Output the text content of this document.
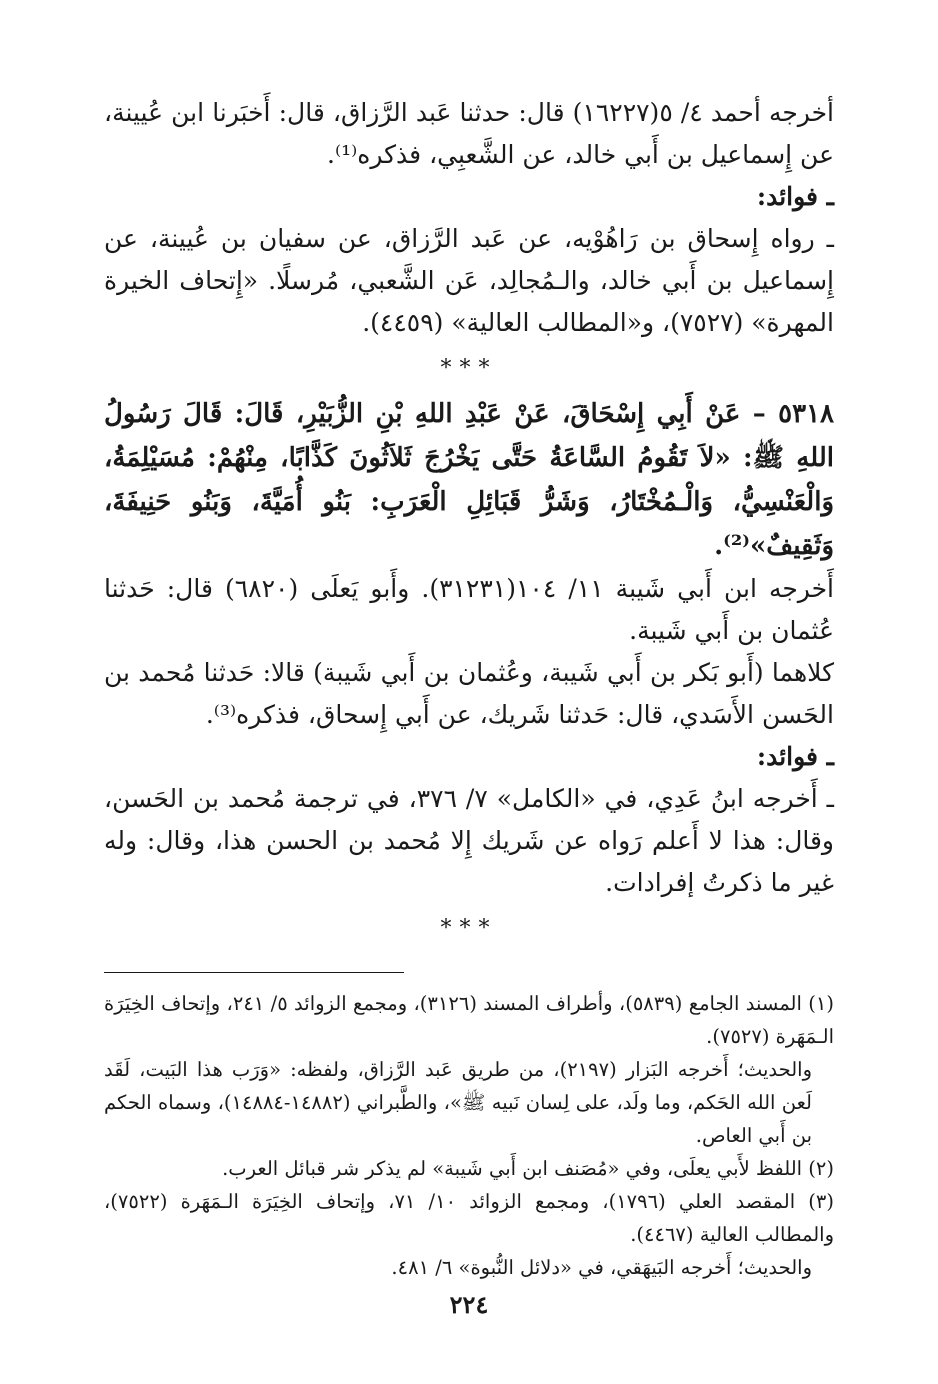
أخرجه أحمد ٤/ ٥(١٦٢٢٧) قال: حدثنا عَبد الرَّزاق، قال: أَخبَرنا ابن عُيينة، عن إِسماعيل بن أَبي خالد، عن الشَّعبِي، فذكره⁽¹⁾.

ـ فوائد:

ـ رواه إِسحاق بن رَاهُوْيه، عن عَبد الرَّزاق، عن سفيان بن عُيينة، عن إِسماعيل بن أَبي خالد، والـمُجالِد، عَن الشَّعبي، مُرسلًا. «إِتحاف الخيرة المهرة» (٧٥٢٧)، و«المطالب العالية» (٤٤٥٩).

***

٥٣١٨ – عَنْ أَبِي إِسْحَاقَ، عَنْ عَبْدِ اللهِ بْنِ الزُّبَيْرِ، قَالَ: قَالَ رَسُولُ اللهِ ﷺ: «لاَ تَقُومُ السَّاعَةُ حَتَّى يَخْرُجَ ثَلاَثُونَ كَذَّابًا، مِنْهُمْ: مُسَيْلِمَةُ، وَالْعَنْسِيُّ، وَالْـمُخْتَارُ، وَشَرُّ قَبَائِلِ الْعَرَبِ: بَنُو أُمَيَّةَ، وَبَنُو حَنِيفَةَ، وَثَقِيفٌ»⁽²⁾.

أَخرجه ابن أَبي شَيبة ١١/ ١٠٤(٣١٢٣١). وأَبو يَعلَى (٦٨٢٠) قال: حَدثنا عُثمان بن أَبي شَيبة.

كلاهما (أَبو بَكر بن أَبي شَيبة، وعُثمان بن أَبي شَيبة) قالا: حَدثنا مُحمد بن الحَسن الأَسَدي، قال: حَدثنا شَريك، عن أَبي إِسحاق، فذكره⁽³⁾.

ـ فوائد:

ـ أَخرجه ابنُ عَدِي، في «الكامل» ٧/ ٣٧٦، في ترجمة مُحمد بن الحَسن، وقال: هذا لا أَعلم رَواه عن شَريك إِلا مُحمد بن الحسن هذا، وقال: وله غير ما ذكرتُ إفرادات.

***

(١) المسند الجامع (٥٨٣٩)، وأطراف المسند (٣١٢٦)، ومجمع الزوائد ٥/ ٢٤١، وإتحاف الخِيَرَة الـمَهَرة (٧٥٢٧).

والحديث؛ أَخرجه البَزار (٢١٩٧)، من طريق عَبد الرَّزاق، ولفظه: «وَرَب هذا البَيت، لَقَد لَعن الله الحَكم، وما ولَد، على لِسان نَبيه ﷺ»، والطَّبراني (١٤٨٨٢-١٤٨٨٤)، وسماه الحكم بن أَبي العاص.

(٢) اللفظ لأَبي يعلَى، وفي «مُصَنف ابن أَبي شَيبة» لم يذكر شر قبائل العرب.

(٣) المقصد العلي (١٧٩٦)، ومجمع الزوائد ١٠/ ٧١، وإتحاف الخِيَرَة الـمَهَرة (٧٥٢٢)، والمطالب العالية (٤٤٦٧).

والحديث؛ أَخرجه البَيهَقي، في «دلائل النُّبوة» ٦/ ٤٨١.

٢٢٤
